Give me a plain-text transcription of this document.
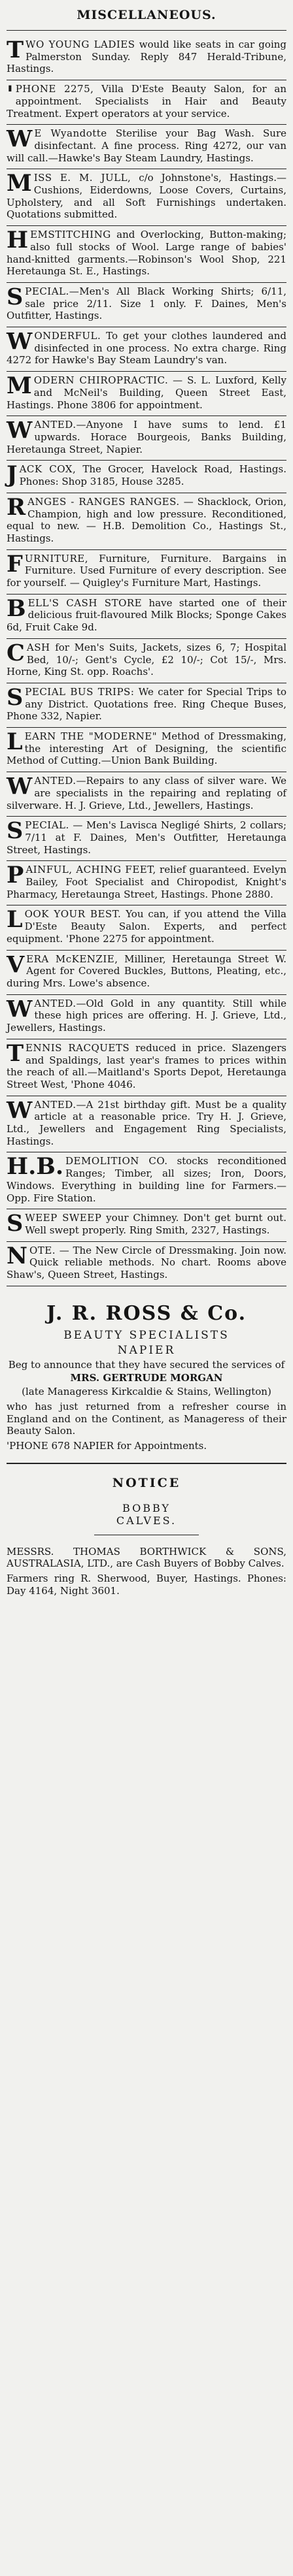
MISCELLANEOUS.

TWO YOUNG LADIES would like seats in car going Palmerston Sunday. Reply 847 Herald-Tribune, Hastings.

' PHONE 2275, Villa D'Este Beauty Salon, for an appointment. Specialists in Hair and Beauty Treatment. Expert operators at your service.

W E Wyandotte Sterilise your Bag Wash. Sure disinfectant. A fine process. Ring 4272, our van will call.—Hawke's Bay Steam Laundry, Hastings.

MISS E. M. JULL, c/o Johnstone's, Hastings.—Cushions, Eiderdowns, Loose Covers, Curtains, Upholstery, and all Soft Furnishings undertaken. Quotations submitted.

HEMSTITCHING and Overlocking, Button-making; also full stocks of Wool. Large range of babies' hand-knitted garments.—Robinson's Wool Shop, 221 Heretaunga St. E., Hastings.

SPECIAL.—Men's All Black Working Shirts; 6/11, sale price 2/11. Size 1 only. F. Daines, Men's Outfitter, Hastings.

WONDERFUL. To get your clothes laundered and disinfected in one process. No extra charge. Ring 4272 for Hawke's Bay Steam Laundry's van.

MODERN CHIROPRACTIC. — S. L. Luxford, Kelly and McNeil's Building, Queen Street East, Hastings. Phone 3806 for appointment.

WANTED.—Anyone I have sums to lend. £1 upwards. Horace Bourgeois, Banks Building, Heretaunga Street, Napier.

JACK COX, The Grocer, Havelock Road, Hastings. Phones: Shop 3185, House 3285.

RANGES - RANGES RANGES. — Shacklock, Orion, Champion, high and low pressure. Reconditioned, equal to new. — H.B. Demolition Co., Hastings St., Hastings.

FURNITURE, Furniture, Furniture. Bargains in Furniture. Used Furniture of every description. See for yourself. — Quigley's Furniture Mart, Hastings.

BELL'S CASH STORE have started one of their delicious fruit-flavoured Milk Blocks; Sponge Cakes 6d, Fruit Cake 9d.

CASH for Men's Suits, Jackets, sizes 6, 7; Hospital Bed, 10/-; Gent's Cycle, £2 10/-; Cot 15/-, Mrs. Horne, King St. opp. Roachs'.

SPECIAL BUS TRIPS: We cater for Special Trips to any District. Quotations free. Ring Cheque Buses, Phone 332, Napier.

LEARN THE "MODERNE" Method of Dressmaking, the interesting Art of Designing, the scientific Method of Cutting.—Union Bank Building.

WANTED.—Repairs to any class of silver ware. We are specialists in the repairing and replating of silverware. H. J. Grieve, Ltd., Jewellers, Hastings.

SPECIAL. — Men's Lavisca Negligé Shirts, 2 collars; 7/11 at F. Daines, Men's Outfitter, Heretaunga Street, Hastings.

PAINFUL, ACHING FEET, relief guaranteed. Evelyn Bailey, Foot Specialist and Chiropodist, Knight's Pharmacy, Heretaunga Street, Hastings. Phone 2880.

LOOK YOUR BEST. You can, if you attend the Villa D'Este Beauty Salon. Experts, and perfect equipment. 'Phone 2275 for appointment.

VERA McKENZIE, Milliner, Heretaunga Street W. Agent for Covered Buckles, Buttons, Pleating, etc., during Mrs. Lowe's absence.

WANTED.—Old Gold in any quantity. Still while these high prices are offering. H. J. Grieve, Ltd., Jewellers, Hastings.

TENNIS RACQUETS reduced in price. Slazengers and Spaldings, last year's frames to prices within the reach of all.—Maitland's Sports Depot, Heretaunga Street West, 'Phone 4046.

WANTED.—A 21st birthday gift. Must be a quality article at a reasonable price. Try H. J. Grieve, Ltd., Jewellers and Engagement Ring Specialists, Hastings.

H.B. DEMOLITION CO. stocks reconditioned Ranges; Timber, all sizes; Iron, Doors, Windows. Everything in building line for Farmers.—Opp. Fire Station.

SWEEP SWEEP your Chimney. Don't get burnt out. Well swept properly. Ring Smith, 2327, Hastings.

NOTE. — The New Circle of Dressmaking. Join now. Quick reliable methods. No chart. Rooms above Shaw's, Queen Street, Hastings.

J. R. ROSS & Co.
BEAUTY SPECIALISTS
NAPIER
Beg to announce that they have secured the services of
MRS. GERTRUDE MORGAN
(late Manageress Kirkcaldie & Stains, Wellington)
who has just returned from a refresher course in England and on the Continent, as Manageress of their Beauty Salon.
'PHONE 678 NAPIER for Appointments.
NOTICE
BOBBY CALVES.

MESSRS. THOMAS BORTHWICK & SONS, AUSTRALASIA, LTD., are Cash Buyers of Bobby Calves.

Farmers ring R. Sherwood, Buyer, Hastings. Phones: Day 4164, Night 3601.
